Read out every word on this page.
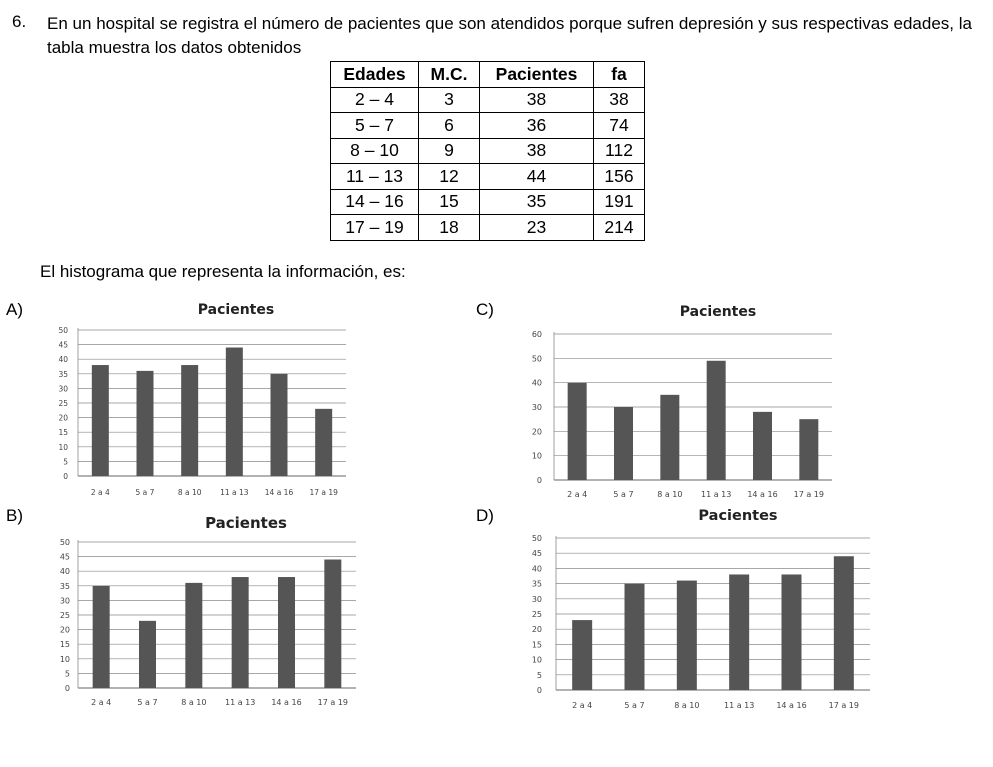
6. En un hospital se registra el número de pacientes que son atendidos porque sufren depresión y sus respectivas edades, la tabla muestra los datos obtenidos
Edades	M.C.	Pacientes	fa
2 – 4	3	38	38
5 – 7	6	36	74
8 – 10	9	38	112
11 – 13	12	44	156
14 – 16	15	35	191
17 – 19	18	23	214
El histograma que representa la información, es:
A)	C)
B)	D)
Pacientes
0
5
10
15
20
25
30
35
40
45
50
2 a 4	5 a 7	8 a 10 11 a 13 14 a 16 17 a 19
Pacientes
0
10
20
30
40
50
60
2 a 4	5 a 7	8 a 10 11 a 13 14 a 16 17 a 19
Pacientes
0
5
10
15
20
25
30
35
40
45
50
2 a 4	5 a 7	8 a 10 11 a 13 14 a 16 17 a 19
Pacientes
0
5
10
15
20
25
30
35
40
45
50
2 a 4	5 a 7	8 a 10	11 a 13	14 a 16	17 a 19
